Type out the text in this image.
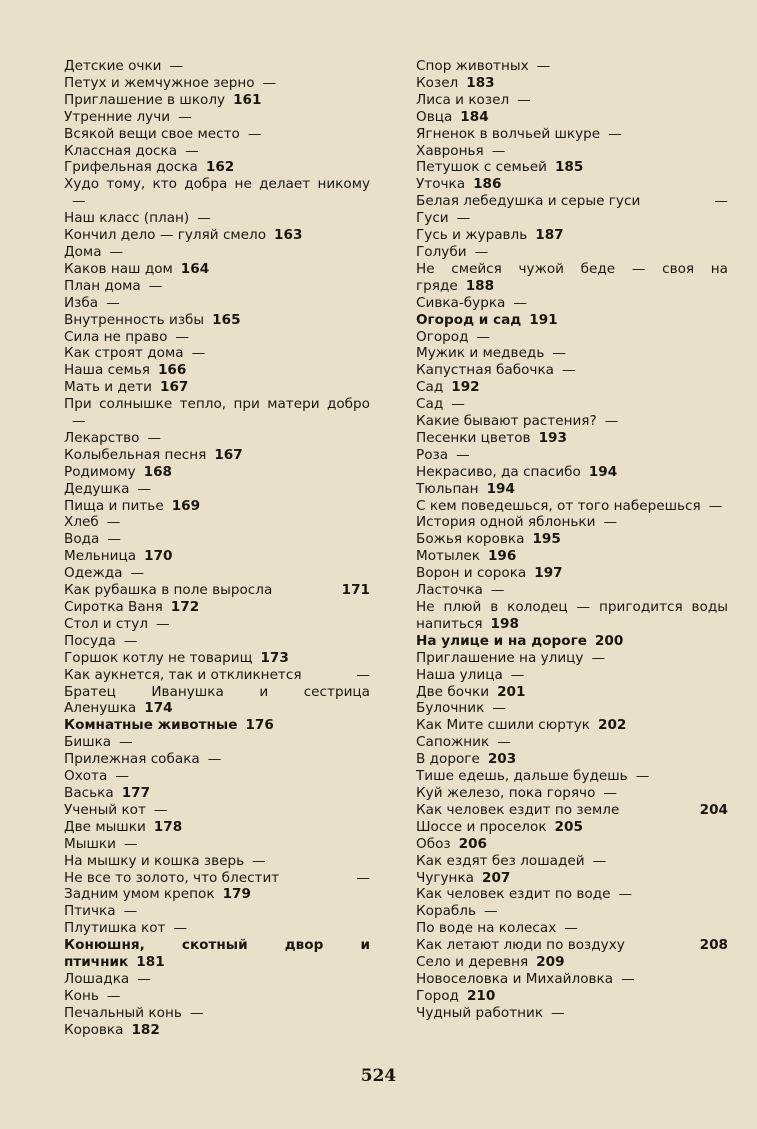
Детские очки —
Петух и жемчужное зерно —
Приглашение в школу 161
Утренние лучи —
Всякой вещи свое место —
Классная доска —
Грифельная доска 162
Худо тому, кто добра не делает никому—
Наш класс (план) —
Кончил дело — гуляй смело 163
Дома —
Каков наш дом 164
План дома —
Изба —
Внутренность избы 165
Сила не право —
Как строят дома —
Наша семья 166
Мать и дети 167
При солнышке тепло, при матери добро—
Лекарство —
Колыбельная песня 167
Родимому 168
Дедушка —
Пища и питье 169
Хлеб —
Вода —
Мельница 170
Одежда —
Как рубашка в поле выросла	171
Сиротка Ваня 172
Стол и стул —
Посуда —
Горшок котлу не товарищ 173
Как аукнется, так и откликнется	—
Братец Иванушка и сестрица Аленушка 174
Комнатные животные 176
Бишка —
Прилежная собака —
Охота —
Васька 177
Ученый кот —
Две мышки 178
Мышки —
На мышку и кошка зверь —
Не все то золото, что блестит	—
Задним умом крепок 179
Птичка —
Плутишка кот —
Конюшня, скотный двор и птичник 181
Лошадка —
Конь —
Печальный конь —
Коровка 182
Спор животных —
Козел 183
Лиса и козел —
Овца 184
Ягненок в волчьей шкуре —
Хавронья —
Петушок с семьей 185
Уточка 186
Белая лебедушка и серые гуси	—
Гуси —
Гусь и журавль 187
Голуби —
Не смейся чужой беде — своя на гряде 188
Сивка-бурка —
Огород и сад 191
Огород —
Мужик и медведь —
Капустная бабочка —
Сад 192
Сад —
Какие бывают растения? —
Песенки цветов 193
Роза —
Некрасиво, да спасибо 194
Тюльпан 194
С кем поведешься, от того наберешься —
История одной яблоньки —
Божья коровка 195
Мотылек 196
Ворон и сорока 197
Ласточка —
Не плюй в колодец — пригодится воды напиться 198
На улице и на дороге 200
Приглашение на улицу —
Наша улица —
Две бочки 201
Булочник —
Как Мите сшили сюртук 202
Сапожник —
В дороге 203
Тише едешь, дальше будешь —
Куй железо, пока горячо —
Как человек ездит по земле	204
Шоссе и проселок 205
Обоз 206
Как ездят без лошадей —
Чугунка 207
Как человек ездит по воде —
Корабль —
По воде на колесах —
Как летают люди по воздуху	208
Село и деревня 209
Новоселовка и Михайловка —
Город 210
Чудный работник —
524
